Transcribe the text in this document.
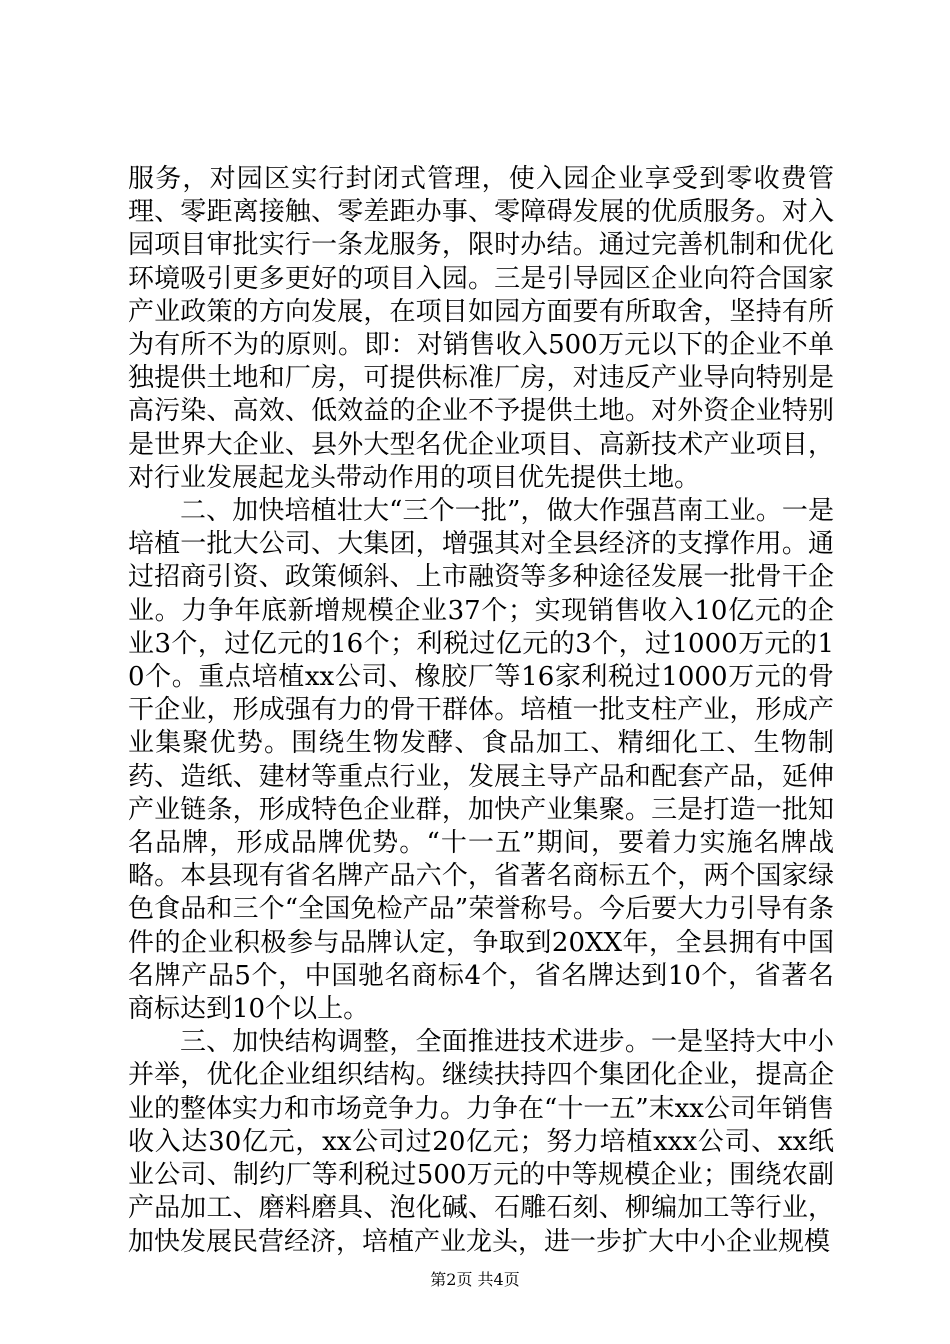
服务，对园区实行封闭式管理，使入园企业享受到零收费管理、零距离接触、零差距办事、零障碍发展的优质服务。对入园项目审批实行一条龙服务，限时办结。通过完善机制和优化环境吸引更多更好的项目入园。三是引导园区企业向符合国家产业政策的方向发展，在项目如园方面要有所取舍，坚持有所为有所不为的原则。即：对销售收入500万元以下的企业不单独提供土地和厂房，可提供标准厂房，对违反产业导向特别是高污染、高效、低效益的企业不予提供土地。对外资企业特别是世界大企业、县外大型名优企业项目、高新技术产业项目，对行业发展起龙头带动作用的项目优先提供土地。

二、加快培植壮大“三个一批”，做大作强莒南工业。一是培植一批大公司、大集团，增强其对全县经济的支撑作用。通过招商引资、政策倾斜、上市融资等多种途径发展一批骨干企业。力争年底新增规模企业37个；实现销售收入10亿元的企业3个，过亿元的16个；利税过亿元的3个，过1000万元的10个。重点培植xx公司、橡胶厂等16家利税过1000万元的骨干企业，形成强有力的骨干群体。培植一批支柱产业，形成产业集聚优势。围绕生物发酵、食品加工、精细化工、生物制药、造纸、建材等重点行业，发展主导产品和配套产品，延伸产业链条，形成特色企业群，加快产业集聚。三是打造一批知名品牌，形成品牌优势。“十一五”期间，要着力实施名牌战略。本县现有省名牌产品六个，省著名商标五个，两个国家绿色食品和三个“全国免检产品”荣誉称号。今后要大力引导有条件的企业积极参与品牌认定，争取到20XX年，全县拥有中国名牌产品5个，中国驰名商标4个，省名牌达到10个，省著名商标达到10个以上。

三、加快结构调整，全面推进技术进步。一是坚持大中小并举，优化企业组织结构。继续扶持四个集团化企业，提高企业的整体实力和市场竞争力。力争在“十一五”末xx公司年销售收入达30亿元，xx公司过20亿元；努力培植xxx公司、xx纸业公司、制约厂等利税过500万元的中等规模企业；围绕农副产品加工、磨料磨具、泡化碱、石雕石刻、柳编加工等行业，加快发展民营经济，培植产业龙头，进一步扩大中小企业规模

第2页 共4页
